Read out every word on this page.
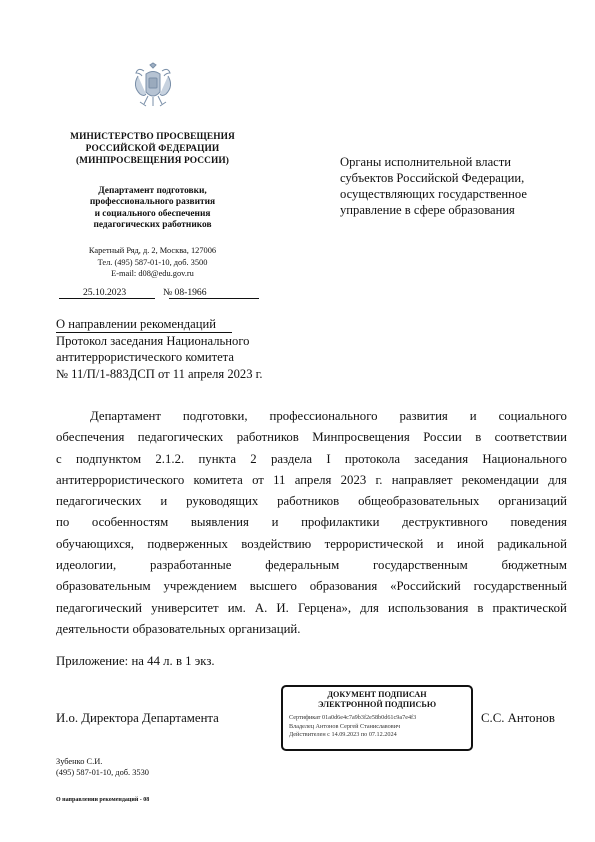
МИНИСТЕРСТВО ПРОСВЕЩЕНИЯ
РОССИЙСКОЙ ФЕДЕРАЦИИ
(МИНПРОСВЕЩЕНИЯ РОССИИ)
Департамент подготовки,
профессионального развития
и социального обеспечения
педагогических работников
Каретный Ряд, д. 2, Москва, 127006
Тел. (495) 587-01-10, доб. 3500
E-mail: d08@edu.gov.ru
25.10.2023	№ 08-1966
Органы исполнительной власти
субъектов Российской Федерации,
осуществляющих государственное
управление в сфере образования
О направлении рекомендаций
Протокол заседания Национального
антитеррористического комитета
№ 11/П/1-883ДСП от 11 апреля 2023 г.
Департамент подготовки, профессионального развития и социального
обеспечения педагогических работников Минпросвещения России в соответствии
с подпунктом 2.1.2. пункта 2 раздела I протокола заседания Национального
антитеррористического комитета от 11 апреля 2023 г. направляет рекомендации для
педагогических и руководящих работников общеобразовательных организаций
по особенностям выявления и профилактики деструктивного поведения
обучающихся, подверженных воздействию террористической и иной радикальной
идеологии,	разработанные	федеральным	государственным	бюджетным
образовательным учреждением высшего образования «Российский государственный
педагогический университет им. А. И. Герцена», для использования в практической
деятельности образовательных организаций.
Приложение: на 44 л. в 1 экз.
И.о. Директора Департамента	С.С. Антонов
ДОКУМЕНТ ПОДПИСАН
ЭЛЕКТРОННОЙ ПОДПИСЬЮ
Сертификат 01a0d6e4c7a9b3f2e58b0d61c9a7e4f3
Владелец Антонов Сергей Станиславович
Действителен с 14.09.2023 по 07.12.2024
Зубенко С.И.
(495) 587-01-10, доб. 3530
О направлении рекомендаций - 08
